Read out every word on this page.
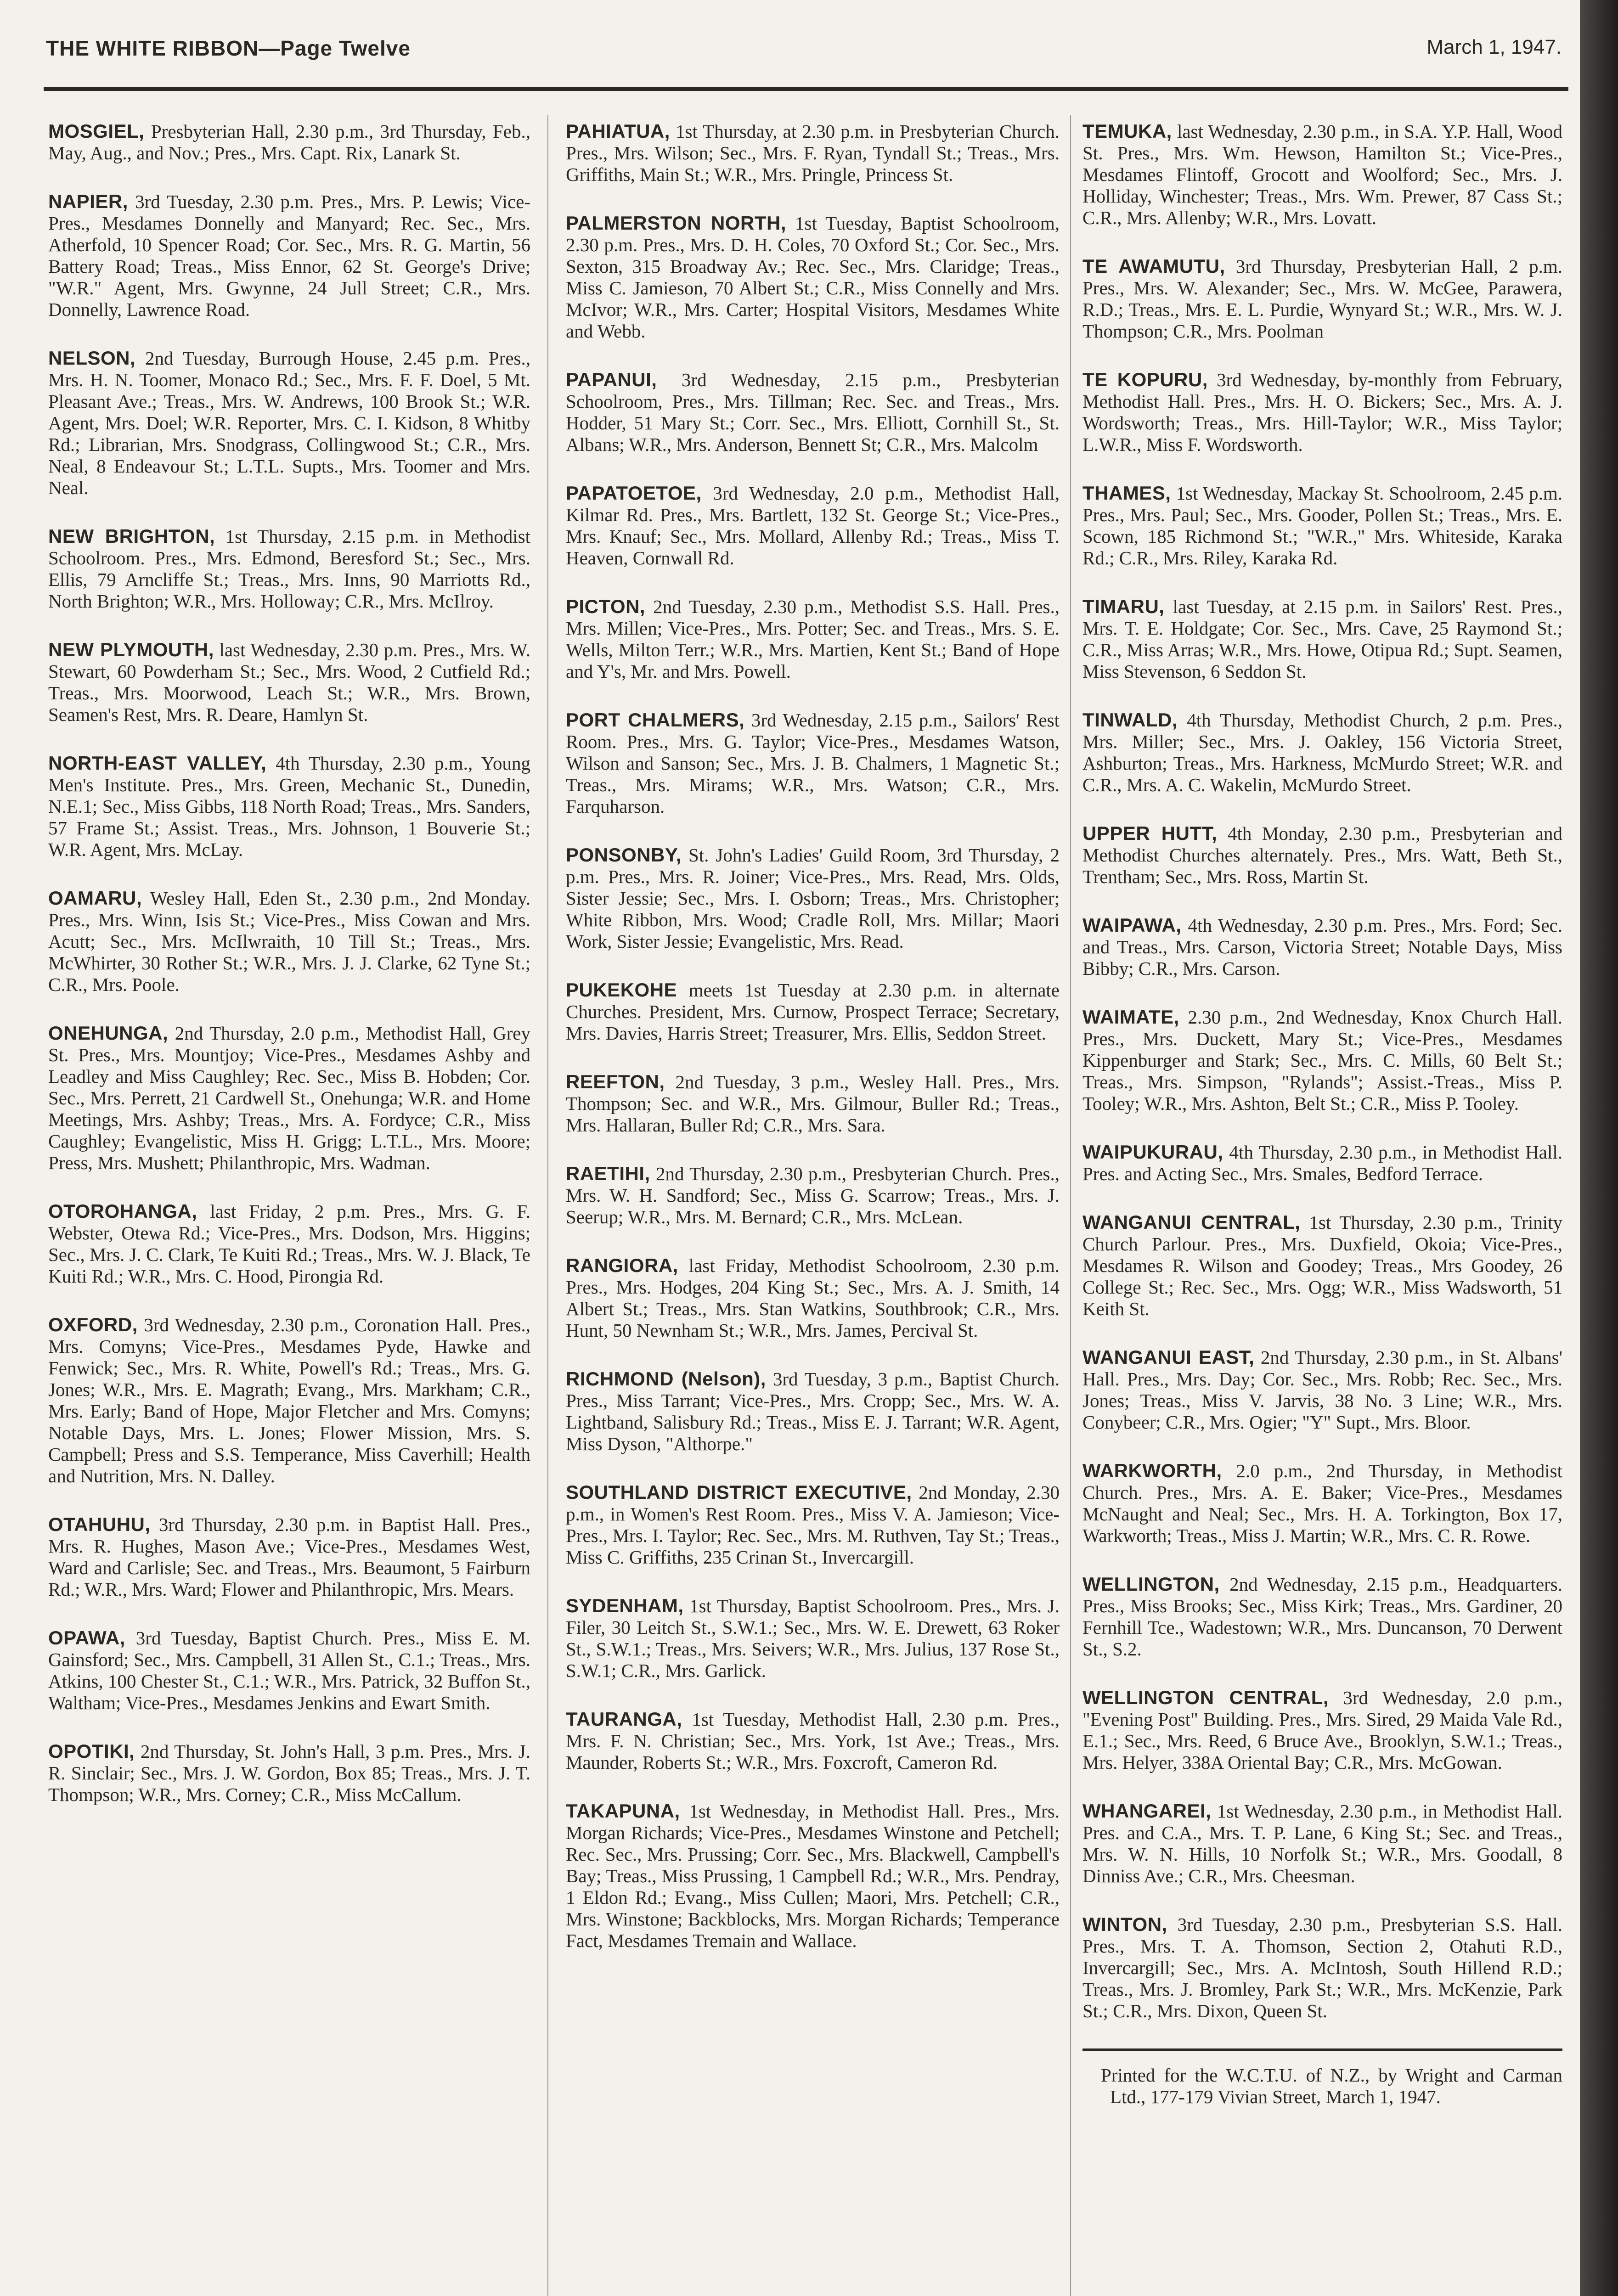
THE WHITE RIBBON—Page Twelve	March 1, 1947.

MOSGIEL, Presbyterian Hall, 2.30 p.m., 3rd Thursday, Feb., May, Aug., and Nov.; Pres., Mrs. Capt. Rix, Lanark St.

NAPIER, 3rd Tuesday, 2.30 p.m. Pres., Mrs. P. Lewis; Vice-Pres., Mesdames Donnelly and Manyard; Rec. Sec., Mrs. Atherfold, 10 Spencer Road; Cor. Sec., Mrs. R. G. Martin, 56 Battery Road; Treas., Miss Ennor, 62 St. George's Drive; "W.R." Agent, Mrs. Gwynne, 24 Jull Street; C.R., Mrs. Donnelly, Lawrence Road.

NELSON, 2nd Tuesday, Burrough House, 2.45 p.m. Pres., Mrs. H. N. Toomer, Monaco Rd.; Sec., Mrs. F. F. Doel, 5 Mt. Pleasant Ave.; Treas., Mrs. W. Andrews, 100 Brook St.; W.R. Agent, Mrs. Doel; W.R. Reporter, Mrs. C. I. Kidson, 8 Whitby Rd.; Librarian, Mrs. Snodgrass, Collingwood St.; C.R., Mrs. Neal, 8 Endeavour St.; L.T.L. Supts., Mrs. Toomer and Mrs. Neal.

NEW BRIGHTON, 1st Thursday, 2.15 p.m. in Methodist Schoolroom. Pres., Mrs. Edmond, Beresford St.; Sec., Mrs. Ellis, 79 Arncliffe St.; Treas., Mrs. Inns, 90 Marriotts Rd., North Brighton; W.R., Mrs. Holloway; C.R., Mrs. McIlroy.

NEW PLYMOUTH, last Wednesday, 2.30 p.m. Pres., Mrs. W. Stewart, 60 Powderham St.; Sec., Mrs. Wood, 2 Cutfield Rd.; Treas., Mrs. Moorwood, Leach St.; W.R., Mrs. Brown, Seamen's Rest, Mrs. R. Deare, Hamlyn St.

NORTH-EAST VALLEY, 4th Thursday, 2.30 p.m., Young Men's Institute. Pres., Mrs. Green, Mechanic St., Dunedin, N.E.1; Sec., Miss Gibbs, 118 North Road; Treas., Mrs. Sanders, 57 Frame St.; Assist. Treas., Mrs. Johnson, 1 Bouverie St.; W.R. Agent, Mrs. McLay.

OAMARU, Wesley Hall, Eden St., 2.30 p.m., 2nd Monday. Pres., Mrs. Winn, Isis St.; Vice-Pres., Miss Cowan and Mrs. Acutt; Sec., Mrs. McIlwraith, 10 Till St.; Treas., Mrs. McWhirter, 30 Rother St.; W.R., Mrs. J. J. Clarke, 62 Tyne St.; C.R., Mrs. Poole.

ONEHUNGA, 2nd Thursday, 2.0 p.m., Methodist Hall, Grey St. Pres., Mrs. Mountjoy; Vice-Pres., Mesdames Ashby and Leadley and Miss Caughley; Rec. Sec., Miss B. Hobden; Cor. Sec., Mrs. Perrett, 21 Cardwell St., Onehunga; W.R. and Home Meetings, Mrs. Ashby; Treas., Mrs. A. Fordyce; C.R., Miss Caughley; Evangelistic, Miss H. Grigg; L.T.L., Mrs. Moore; Press, Mrs. Mushett; Philanthropic, Mrs. Wadman.

OTOROHANGA, last Friday, 2 p.m. Pres., Mrs. G. F. Webster, Otewa Rd.; Vice-Pres., Mrs. Dodson, Mrs. Higgins; Sec., Mrs. J. C. Clark, Te Kuiti Rd.; Treas., Mrs. W. J. Black, Te Kuiti Rd.; W.R., Mrs. C. Hood, Pirongia Rd.

OXFORD, 3rd Wednesday, 2.30 p.m., Coronation Hall. Pres., Mrs. Comyns; Vice-Pres., Mesdames Pyde, Hawke and Fenwick; Sec., Mrs. R. White, Powell's Rd.; Treas., Mrs. G. Jones; W.R., Mrs. E. Magrath; Evang., Mrs. Markham; C.R., Mrs. Early; Band of Hope, Major Fletcher and Mrs. Comyns; Notable Days, Mrs. L. Jones; Flower Mission, Mrs. S. Campbell; Press and S.S. Temperance, Miss Caverhill; Health and Nutrition, Mrs. N. Dalley.

OTAHUHU, 3rd Thursday, 2.30 p.m. in Baptist Hall. Pres., Mrs. R. Hughes, Mason Ave.; Vice-Pres., Mesdames West, Ward and Carlisle; Sec. and Treas., Mrs. Beaumont, 5 Fairburn Rd.; W.R., Mrs. Ward; Flower and Philanthropic, Mrs. Mears.

OPAWA, 3rd Tuesday, Baptist Church. Pres., Miss E. M. Gainsford; Sec., Mrs. Campbell, 31 Allen St., C.1.; Treas., Mrs. Atkins, 100 Chester St., C.1.; W.R., Mrs. Patrick, 32 Buffon St., Waltham; Vice-Pres., Mesdames Jenkins and Ewart Smith.

OPOTIKI, 2nd Thursday, St. John's Hall, 3 p.m. Pres., Mrs. J. R. Sinclair; Sec., Mrs. J. W. Gordon, Box 85; Treas., Mrs. J. T. Thompson; W.R., Mrs. Corney; C.R., Miss McCallum.

PAHIATUA, 1st Thursday, at 2.30 p.m. in Presbyterian Church. Pres., Mrs. Wilson; Sec., Mrs. F. Ryan, Tyndall St.; Treas., Mrs. Griffiths, Main St.; W.R., Mrs. Pringle, Princess St.

PALMERSTON NORTH, 1st Tuesday, Baptist Schoolroom, 2.30 p.m. Pres., Mrs. D. H. Coles, 70 Oxford St.; Cor. Sec., Mrs. Sexton, 315 Broadway Av.; Rec. Sec., Mrs. Claridge; Treas., Miss C. Jamieson, 70 Albert St.; C.R., Miss Connelly and Mrs. McIvor; W.R., Mrs. Carter; Hospital Visitors, Mesdames White and Webb.

PAPANUI, 3rd Wednesday, 2.15 p.m., Presbyterian Schoolroom, Pres., Mrs. Tillman; Rec. Sec. and Treas., Mrs. Hodder, 51 Mary St.; Corr. Sec., Mrs. Elliott, Cornhill St., St. Albans; W.R., Mrs. Anderson, Bennett St; C.R., Mrs. Malcolm

PAPATOETOE, 3rd Wednesday, 2.0 p.m., Methodist Hall, Kilmar Rd. Pres., Mrs. Bartlett, 132 St. George St.; Vice-Pres., Mrs. Knauf; Sec., Mrs. Mollard, Allenby Rd.; Treas., Miss T. Heaven, Cornwall Rd.

PICTON, 2nd Tuesday, 2.30 p.m., Methodist S.S. Hall. Pres., Mrs. Millen; Vice-Pres., Mrs. Potter; Sec. and Treas., Mrs. S. E. Wells, Milton Terr.; W.R., Mrs. Martien, Kent St.; Band of Hope and Y's, Mr. and Mrs. Powell.

PORT CHALMERS, 3rd Wednesday, 2.15 p.m., Sailors' Rest Room. Pres., Mrs. G. Taylor; Vice-Pres., Mesdames Watson, Wilson and Sanson; Sec., Mrs. J. B. Chalmers, 1 Magnetic St.; Treas., Mrs. Mirams; W.R., Mrs. Watson; C.R., Mrs. Farquharson.

PONSONBY, St. John's Ladies' Guild Room, 3rd Thursday, 2 p.m. Pres., Mrs. R. Joiner; Vice-Pres., Mrs. Read, Mrs. Olds, Sister Jessie; Sec., Mrs. I. Osborn; Treas., Mrs. Christopher; White Ribbon, Mrs. Wood; Cradle Roll, Mrs. Millar; Maori Work, Sister Jessie; Evangelistic, Mrs. Read.

PUKEKOHE meets 1st Tuesday at 2.30 p.m. in alternate Churches. President, Mrs. Curnow, Prospect Terrace; Secretary, Mrs. Davies, Harris Street; Treasurer, Mrs. Ellis, Seddon Street.

REEFTON, 2nd Tuesday, 3 p.m., Wesley Hall. Pres., Mrs. Thompson; Sec. and W.R., Mrs. Gilmour, Buller Rd.; Treas., Mrs. Hallaran, Buller Rd; C.R., Mrs. Sara.

RAETIHI, 2nd Thursday, 2.30 p.m., Presbyterian Church. Pres., Mrs. W. H. Sandford; Sec., Miss G. Scarrow; Treas., Mrs. J. Seerup; W.R., Mrs. M. Bernard; C.R., Mrs. McLean.

RANGIORA, last Friday, Methodist Schoolroom, 2.30 p.m. Pres., Mrs. Hodges, 204 King St.; Sec., Mrs. A. J. Smith, 14 Albert St.; Treas., Mrs. Stan Watkins, Southbrook; C.R., Mrs. Hunt, 50 Newnham St.; W.R., Mrs. James, Percival St.

RICHMOND (Nelson), 3rd Tuesday, 3 p.m., Baptist Church. Pres., Miss Tarrant; Vice-Pres., Mrs. Cropp; Sec., Mrs. W. A. Lightband, Salisbury Rd.; Treas., Miss E. J. Tarrant; W.R. Agent, Miss Dyson, "Althorpe."

SOUTHLAND DISTRICT EXECUTIVE, 2nd Monday, 2.30 p.m., in Women's Rest Room. Pres., Miss V. A. Jamieson; Vice-Pres., Mrs. I. Taylor; Rec. Sec., Mrs. M. Ruthven, Tay St.; Treas., Miss C. Griffiths, 235 Crinan St., Invercargill.

SYDENHAM, 1st Thursday, Baptist Schoolroom. Pres., Mrs. J. Filer, 30 Leitch St., S.W.1.; Sec., Mrs. W. E. Drewett, 63 Roker St., S.W.1.; Treas., Mrs. Seivers; W.R., Mrs. Julius, 137 Rose St., S.W.1; C.R., Mrs. Garlick.

TAURANGA, 1st Tuesday, Methodist Hall, 2.30 p.m. Pres., Mrs. F. N. Christian; Sec., Mrs. York, 1st Ave.; Treas., Mrs. Maunder, Roberts St.; W.R., Mrs. Foxcroft, Cameron Rd.

TAKAPUNA, 1st Wednesday, in Methodist Hall. Pres., Mrs. Morgan Richards; Vice-Pres., Mesdames Winstone and Petchell; Rec. Sec., Mrs. Prussing; Corr. Sec., Mrs. Blackwell, Campbell's Bay; Treas., Miss Prussing, 1 Campbell Rd.; W.R., Mrs. Pendray, 1 Eldon Rd.; Evang., Miss Cullen; Maori, Mrs. Petchell; C.R., Mrs. Winstone; Backblocks, Mrs. Morgan Richards; Temperance Fact, Mesdames Tremain and Wallace.

TEMUKA, last Wednesday, 2.30 p.m., in S.A. Y.P. Hall, Wood St. Pres., Mrs. Wm. Hewson, Hamilton St.; Vice-Pres., Mesdames Flintoff, Grocott and Woolford; Sec., Mrs. J. Holliday, Winchester; Treas., Mrs. Wm. Prewer, 87 Cass St.; C.R., Mrs. Allenby; W.R., Mrs. Lovatt.

TE AWAMUTU, 3rd Thursday, Presbyterian Hall, 2 p.m. Pres., Mrs. W. Alexander; Sec., Mrs. W. McGee, Parawera, R.D.; Treas., Mrs. E. L. Purdie, Wynyard St.; W.R., Mrs. W. J. Thompson; C.R., Mrs. Poolman

TE KOPURU, 3rd Wednesday, by-monthly from February, Methodist Hall. Pres., Mrs. H. O. Bickers; Sec., Mrs. A. J. Wordsworth; Treas., Mrs. Hill-Taylor; W.R., Miss Taylor; L.W.R., Miss F. Wordsworth.

THAMES, 1st Wednesday, Mackay St. Schoolroom, 2.45 p.m. Pres., Mrs. Paul; Sec., Mrs. Gooder, Pollen St.; Treas., Mrs. E. Scown, 185 Richmond St.; "W.R.," Mrs. Whiteside, Karaka Rd.; C.R., Mrs. Riley, Karaka Rd.

TIMARU, last Tuesday, at 2.15 p.m. in Sailors' Rest. Pres., Mrs. T. E. Holdgate; Cor. Sec., Mrs. Cave, 25 Raymond St.; C.R., Miss Arras; W.R., Mrs. Howe, Otipua Rd.; Supt. Seamen, Miss Stevenson, 6 Seddon St.

TINWALD, 4th Thursday, Methodist Church, 2 p.m. Pres., Mrs. Miller; Sec., Mrs. J. Oakley, 156 Victoria Street, Ashburton; Treas., Mrs. Harkness, McMurdo Street; W.R. and C.R., Mrs. A. C. Wakelin, McMurdo Street.

UPPER HUTT, 4th Monday, 2.30 p.m., Presbyterian and Methodist Churches alternately. Pres., Mrs. Watt, Beth St., Trentham; Sec., Mrs. Ross, Martin St.

WAIPAWA, 4th Wednesday, 2.30 p.m. Pres., Mrs. Ford; Sec. and Treas., Mrs. Carson, Victoria Street; Notable Days, Miss Bibby; C.R., Mrs. Carson.

WAIMATE, 2.30 p.m., 2nd Wednesday, Knox Church Hall. Pres., Mrs. Duckett, Mary St.; Vice-Pres., Mesdames Kippenburger and Stark; Sec., Mrs. C. Mills, 60 Belt St.; Treas., Mrs. Simpson, "Rylands"; Assist.-Treas., Miss P. Tooley; W.R., Mrs. Ashton, Belt St.; C.R., Miss P. Tooley.

WAIPUKURAU, 4th Thursday, 2.30 p.m., in Methodist Hall. Pres. and Acting Sec., Mrs. Smales, Bedford Terrace.

WANGANUI CENTRAL, 1st Thursday, 2.30 p.m., Trinity Church Parlour. Pres., Mrs. Duxfield, Okoia; Vice-Pres., Mesdames R. Wilson and Goodey; Treas., Mrs Goodey, 26 College St.; Rec. Sec., Mrs. Ogg; W.R., Miss Wadsworth, 51 Keith St.

WANGANUI EAST, 2nd Thursday, 2.30 p.m., in St. Albans' Hall. Pres., Mrs. Day; Cor. Sec., Mrs. Robb; Rec. Sec., Mrs. Jones; Treas., Miss V. Jarvis, 38 No. 3 Line; W.R., Mrs. Conybeer; C.R., Mrs. Ogier; "Y" Supt., Mrs. Bloor.

WARKWORTH, 2.0 p.m., 2nd Thursday, in Methodist Church. Pres., Mrs. A. E. Baker; Vice-Pres., Mesdames McNaught and Neal; Sec., Mrs. H. A. Torkington, Box 17, Warkworth; Treas., Miss J. Martin; W.R., Mrs. C. R. Rowe.

WELLINGTON, 2nd Wednesday, 2.15 p.m., Headquarters. Pres., Miss Brooks; Sec., Miss Kirk; Treas., Mrs. Gardiner, 20 Fernhill Tce., Wadestown; W.R., Mrs. Duncanson, 70 Derwent St., S.2.

WELLINGTON CENTRAL, 3rd Wednesday, 2.0 p.m., "Evening Post" Building. Pres., Mrs. Sired, 29 Maida Vale Rd., E.1.; Sec., Mrs. Reed, 6 Bruce Ave., Brooklyn, S.W.1.; Treas., Mrs. Helyer, 338A Oriental Bay; C.R., Mrs. McGowan.

WHANGAREI, 1st Wednesday, 2.30 p.m., in Methodist Hall. Pres. and C.A., Mrs. T. P. Lane, 6 King St.; Sec. and Treas., Mrs. W. N. Hills, 10 Norfolk St.; W.R., Mrs. Goodall, 8 Dinniss Ave.; C.R., Mrs. Cheesman.

WINTON, 3rd Tuesday, 2.30 p.m., Presbyterian S.S. Hall. Pres., Mrs. T. A. Thomson, Section 2, Otahuti R.D., Invercargill; Sec., Mrs. A. McIntosh, South Hillend R.D.; Treas., Mrs. J. Bromley, Park St.; W.R., Mrs. McKenzie, Park St.; C.R., Mrs. Dixon, Queen St.

Printed for the W.C.T.U. of N.Z., by Wright and Carman Ltd., 177-179 Vivian Street, March 1, 1947.
